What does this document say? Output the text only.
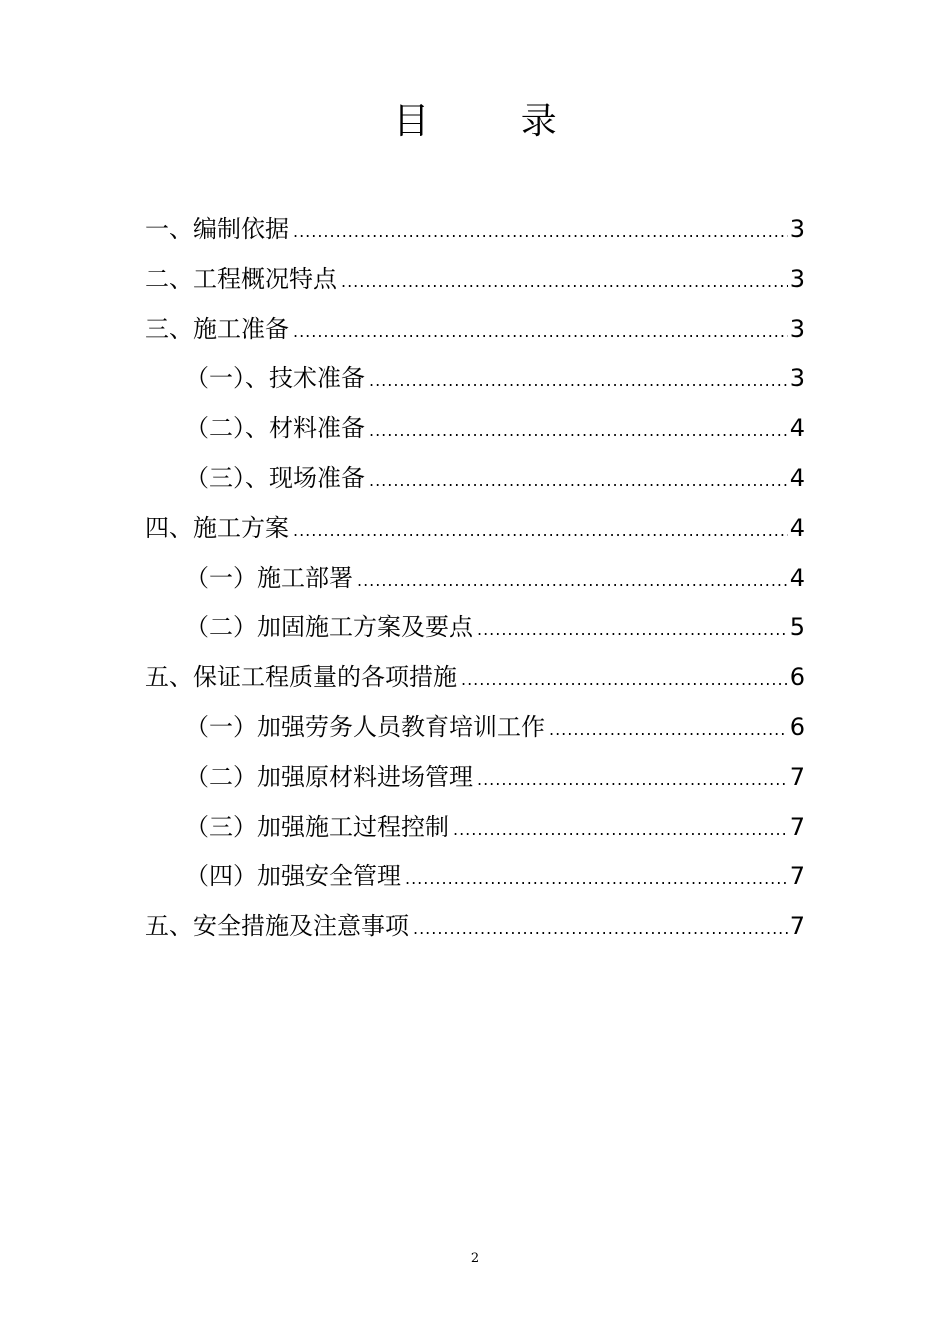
目 录
一、编制依据 .....	3
二、工程概况特点 .....	3
三、施工准备 .....	3
（一）、技术准备 .....	3
（二）、材料准备 .....	4
（三）、现场准备 .....	4
四、施工方案 .....	4
（一）施工部署 .....	4
（二）加固施工方案及要点 .....	5
五、保证工程质量的各项措施 .....	6
（一）加强劳务人员教育培训工作 .....	6
（二）加强原材料进场管理 .....	7
（三）加强施工过程控制 .....	7
（四）加强安全管理 .....	7
五、安全措施及注意事项 .....	7
2
